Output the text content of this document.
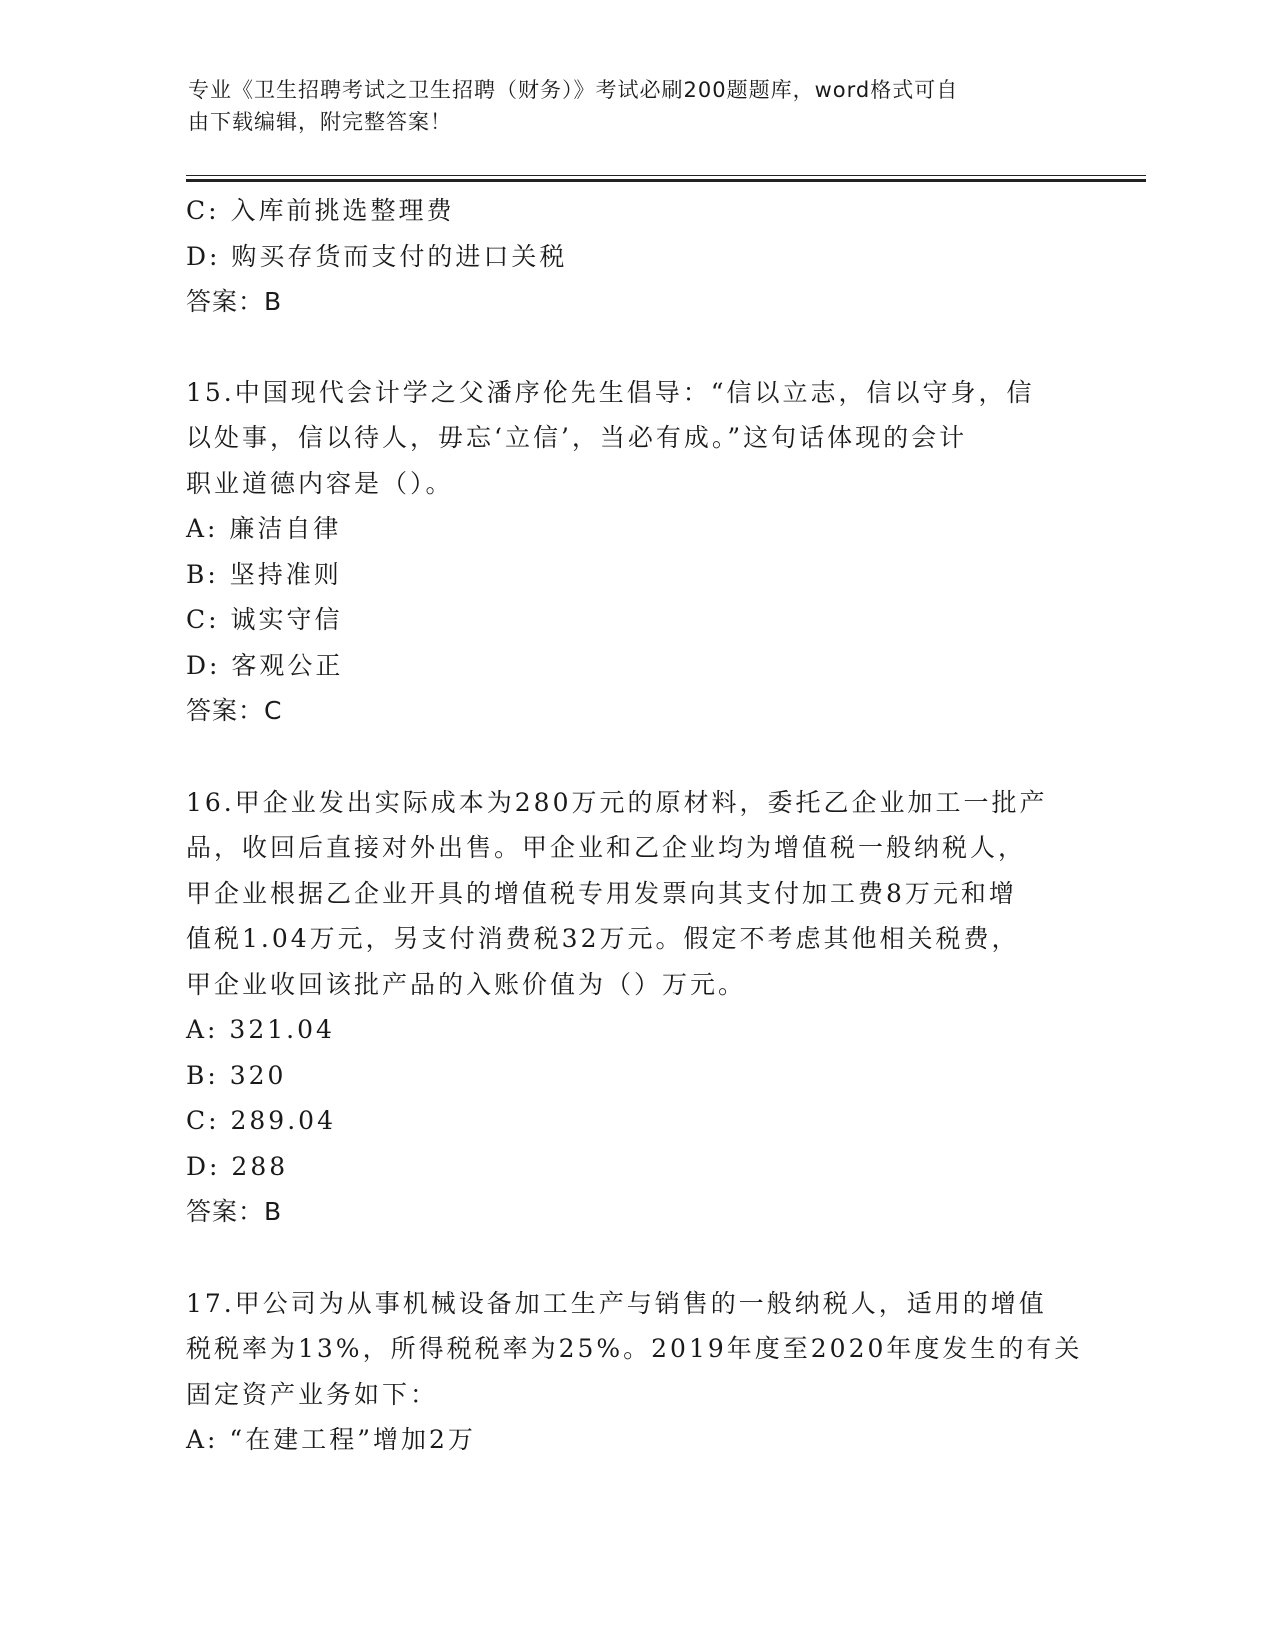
专业《卫生招聘考试之卫生招聘（财务）》考试必刷200题题库，word格式可自
由下载编辑，附完整答案！
C: 入库前挑选整理费
D: 购买存货而支付的进口关税
答案：B
15.中国现代会计学之父潘序伦先生倡导：“信以立志，信以守身，信
以处事，信以待人，毋忘‘立信’，当必有成。”这句话体现的会计
职业道德内容是（）。
A: 廉洁自律
B: 坚持准则
C: 诚实守信
D: 客观公正
答案：C
16.甲企业发出实际成本为280万元的原材料，委托乙企业加工一批产
品，收回后直接对外出售。甲企业和乙企业均为增值税一般纳税人，
甲企业根据乙企业开具的增值税专用发票向其支付加工费8万元和增
值税1.04万元，另支付消费税32万元。假定不考虑其他相关税费，
甲企业收回该批产品的入账价值为（）万元。
A: 321.04
B: 320
C: 289.04
D: 288
答案：B
17.甲公司为从事机械设备加工生产与销售的一般纳税人，适用的增值
税税率为13%，所得税税率为25%。2019年度至2020年度发生的有关
固定资产业务如下：
A: “在建工程”增加2万
